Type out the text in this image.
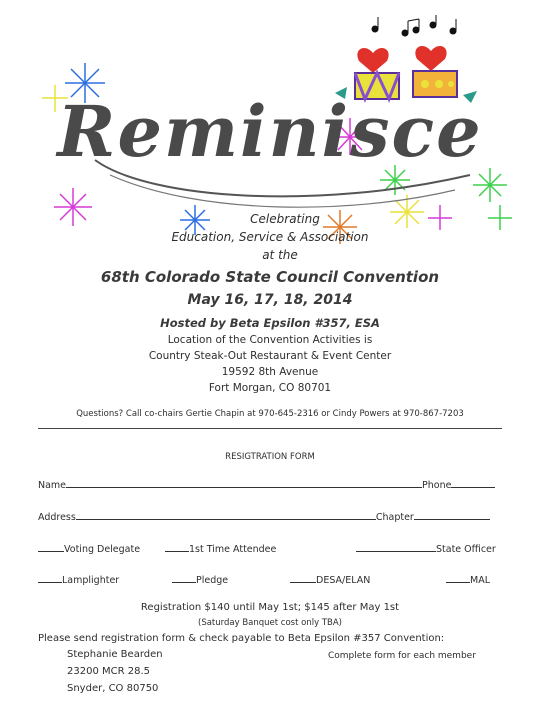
Reminisce
Celebrating
Education, Service & Association
at the
68th Colorado State Council Convention
May 16, 17, 18, 2014
Hosted by Beta Epsilon #357, ESA
Location of the Convention Activities is
Country Steak-Out Restaurant & Event Center
19592 8th Avenue
Fort Morgan, CO 80701
Questions? Call co-chairs Gertie Chapin at 970-645-2316 or Cindy Powers at 970-867-7203
RESIGTRATION FORM
Name	Phone
Address	Chapter
Voting Delegate	1st Time Attendee	State Officer
Lamplighter	Pledge	DESA/ELAN	MAL
Registration $140 until May 1st; $145 after May 1st
(Saturday Banquet cost only TBA)
Please send registration form & check payable to Beta Epsilon #357 Convention:
Stephanie Bearden
23200 MCR 28.5
Snyder, CO 80750
Complete form for each member
